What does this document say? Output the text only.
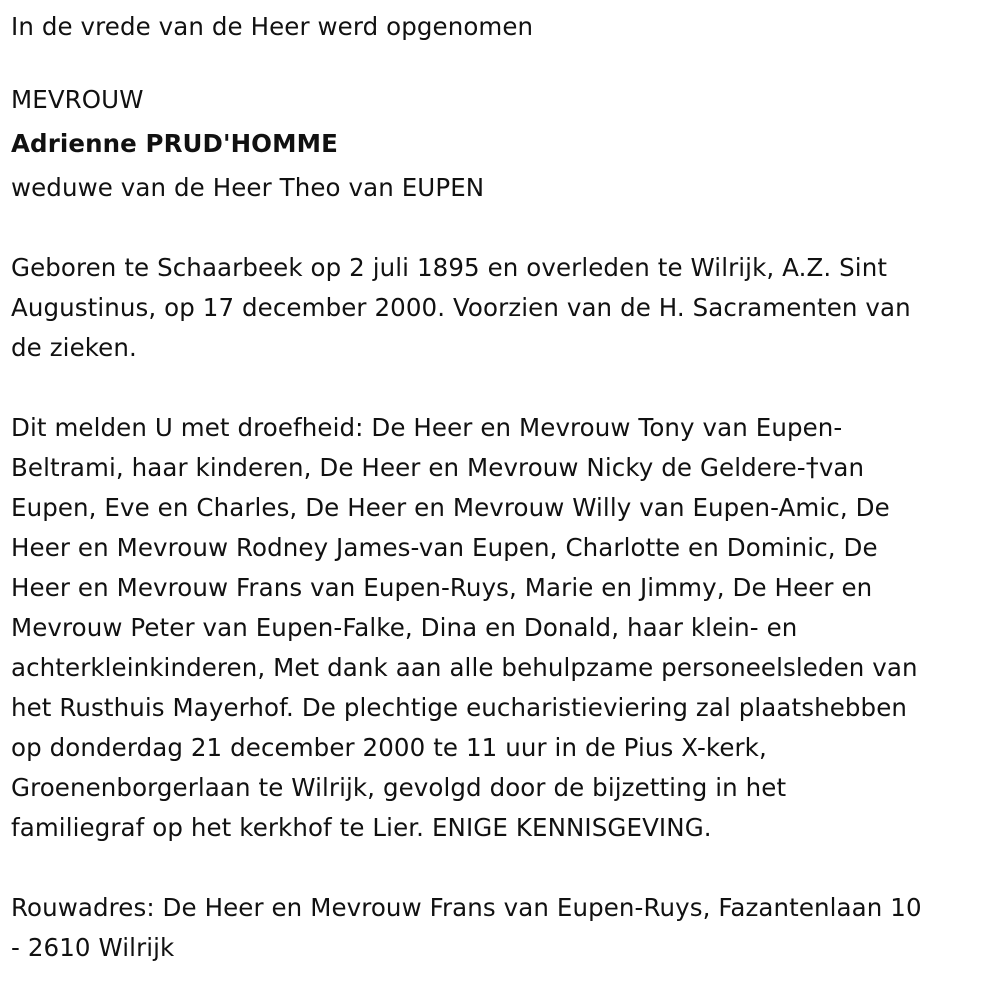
In de vrede van de Heer werd opgenomen
MEVROUW
Adrienne PRUD'HOMME
weduwe van de Heer Theo van EUPEN
Geboren te Schaarbeek op 2 juli 1895 en overleden te Wilrijk, A.Z. Sint
Augustinus, op 17 december 2000. Voorzien van de H. Sacramenten van
de zieken.
Dit melden U met droefheid: De Heer en Mevrouw Tony van Eupen-
Beltrami, haar kinderen, De Heer en Mevrouw Nicky de Geldere-†van
Eupen, Eve en Charles, De Heer en Mevrouw Willy van Eupen-Amic, De
Heer en Mevrouw Rodney James-van Eupen, Charlotte en Dominic, De
Heer en Mevrouw Frans van Eupen-Ruys, Marie en Jimmy, De Heer en
Mevrouw Peter van Eupen-Falke, Dina en Donald, haar klein- en
achterkleinkinderen, Met dank aan alle behulpzame personeelsleden van
het Rusthuis Mayerhof. De plechtige eucharistieviering zal plaatshebben
op donderdag 21 december 2000 te 11 uur in de Pius X-kerk,
Groenenborgerlaan te Wilrijk, gevolgd door de bijzetting in het
familiegraf op het kerkhof te Lier. ENIGE KENNISGEVING.
Rouwadres: De Heer en Mevrouw Frans van Eupen-Ruys, Fazantenlaan 10
- 2610 Wilrijk
